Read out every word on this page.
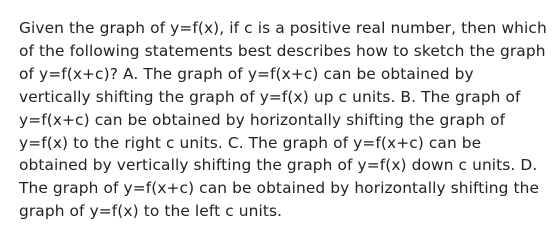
Given the graph of y=f(x), if c is a positive real number, then which of the following statements best describes how to sketch the graph of y=f(x+c)? A. The graph of y=f(x+c) can be obtained by vertically shifting the graph of y=f(x) up c units. B. The graph of y=f(x+c) can be obtained by horizontally shifting the graph of y=f(x) to the right c units. C. The graph of y=f(x+c) can be obtained by vertically shifting the graph of y=f(x) down c units. D. The graph of y=f(x+c) can be obtained by horizontally shifting the graph of y=f(x) to the left c units.
